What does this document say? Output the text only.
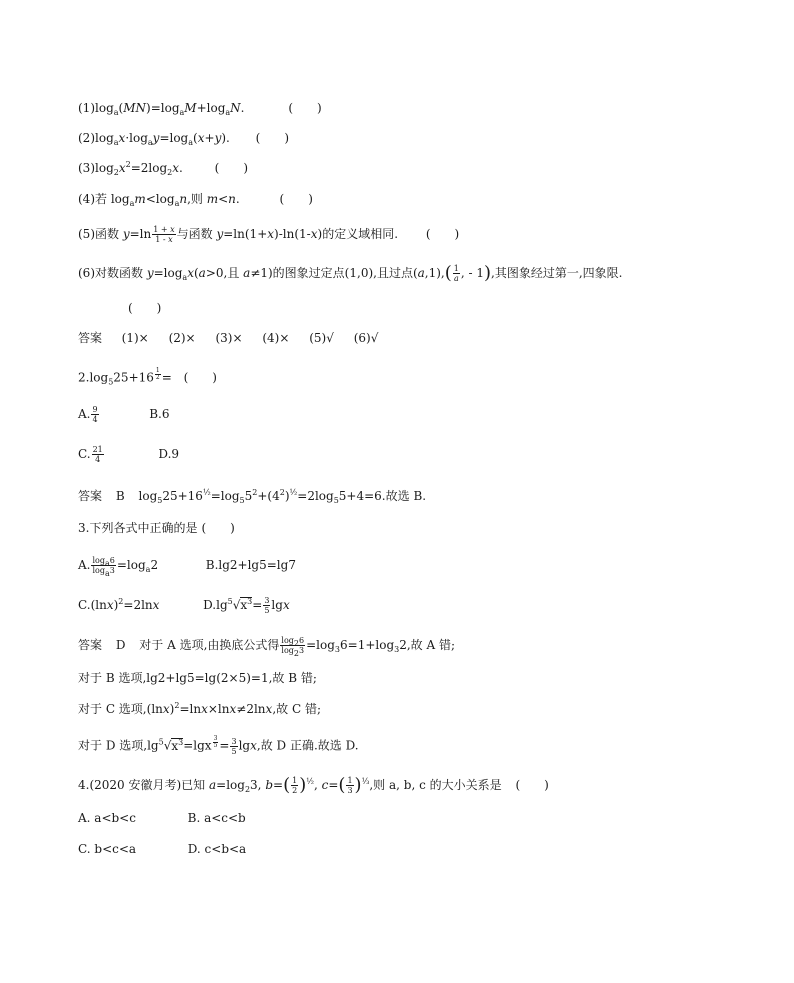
$(1)\log_a(MN)=\log_aM+\log_aN$.	(　　)
$(2)\log_ax\cdot\log_ay=\log_a(x+y)$. (　　)
$(3)\log_2x^2=2\log_2x$. (　　)
(4)若 $\log_am<\log_an$,则 m<n.	(　　)
(5)函数 $y=\ln \frac{1 + x}{1 - x}$ 与函数 y=ln(1+x)-ln(1-x)的定义域相同. (　　)
(6)对数函数 $y=\log_ax(a>0$,且 a≠1)的图象过定点(1,0),且过点$(a,1),( \frac{1}{a}$ , - 1),其图象经过第一,四象限.
(　　)
答案 (1)× (2)× (3)× (4)× (5)√ (6)√
$2.\log_525+16$ $^{\frac{1}{2}}$ = (　　)
A. $\frac{9}{4}$	B.6
C. $\frac{21}{4}$	D.9
答案 B $\log_525+16^{\frac{1}{2}}=\log_55^2+(4^2)^{\frac{1}{2}}=2\log_55+4=6$.故选 B.
3.下列各式中正确的是 (　　)
A. $\frac{\log_a6}{\log_a3} =\log_a2$	B.lg2+lg5=lg7
$C.(\ln x)^2=2\ln x$	$D.\lg^5√x^3= \frac{3}{5}$ lgx
答案 D 对于 A 选项,由换底公式得 $\frac{\log_26}{\log_23} =\log_36=1+\log_32$,故 A 错;
对于 B 选项,lg2+lg5=lg(2×5)=1,故 B 错;
对于 C 选项$,(\ln x)^2=\ln x\times\ln x\ne 2\ln x$,故 C 错;
对于 D 选项$,\lg^5√x^3=\lg x$ $^{\frac{3}{5}} = \frac{3}{5} \lg x$,故 D 正确.故选 D.
4.(2020 安徽月考)已知 $a=\log_23$, $b=( \frac{1}{2} )^{\frac{1}{2}}$, $c=( \frac{1}{3} )^{\frac{1}{3}}$,则 a, b, c 的大小关系是 (　　)
A. a<b<c	B. a<c<b
C. b<c<a	D. c<b<a
